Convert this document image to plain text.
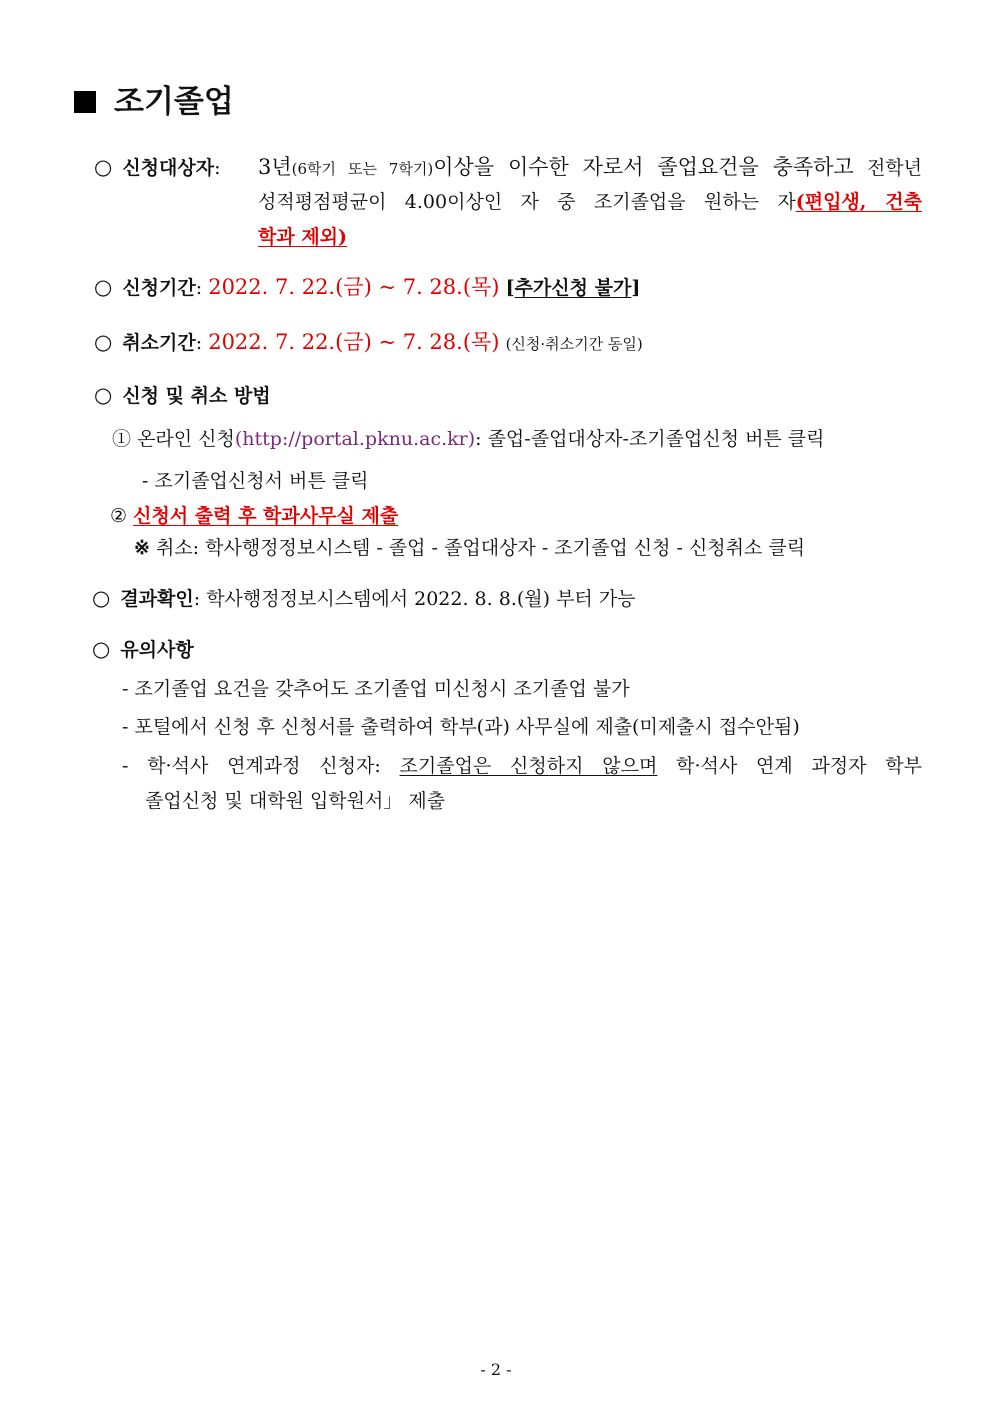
조기졸업
○ 신청대상자: 3년(6학기 또는 7학기)이상을 이수한 자로서 졸업요건을 충족하고 전학년
성적평점평균이 4.00이상인 자 중 조기졸업을 원하는 자(편입생, 건축
학과 제외)
○ 신청기간: 2022. 7. 22.(금) ~ 7. 28.(목) [추가신청 불가]
○ 취소기간: 2022. 7. 22.(금) ~ 7. 28.(목) (신청·취소기간 동일)
○ 신청 및 취소 방법
① 온라인 신청(http://portal.pknu.ac.kr): 졸업-졸업대상자-조기졸업신청 버튼 클릭
- 조기졸업신청서 버튼 클릭
② 신청서 출력 후 학과사무실 제출
※ 취소: 학사행정정보시스템 - 졸업 - 졸업대상자 - 조기졸업 신청 - 신청취소 클릭
○ 결과확인: 학사행정정보시스템에서 2022. 8. 8.(월) 부터 가능
○ 유의사항
- 조기졸업 요건을 갖추어도 조기졸업 미신청시 조기졸업 불가
- 포털에서 신청 후 신청서를 출력하여 학부(과) 사무실에 제출(미제출시 접수안됨)
- 학·석사 연계과정 신청자: 조기졸업은 신청하지 않으며 학·석사 연계 과정자 학부
졸업신청 및 대학원 입학원서」 제출
- 2 -
